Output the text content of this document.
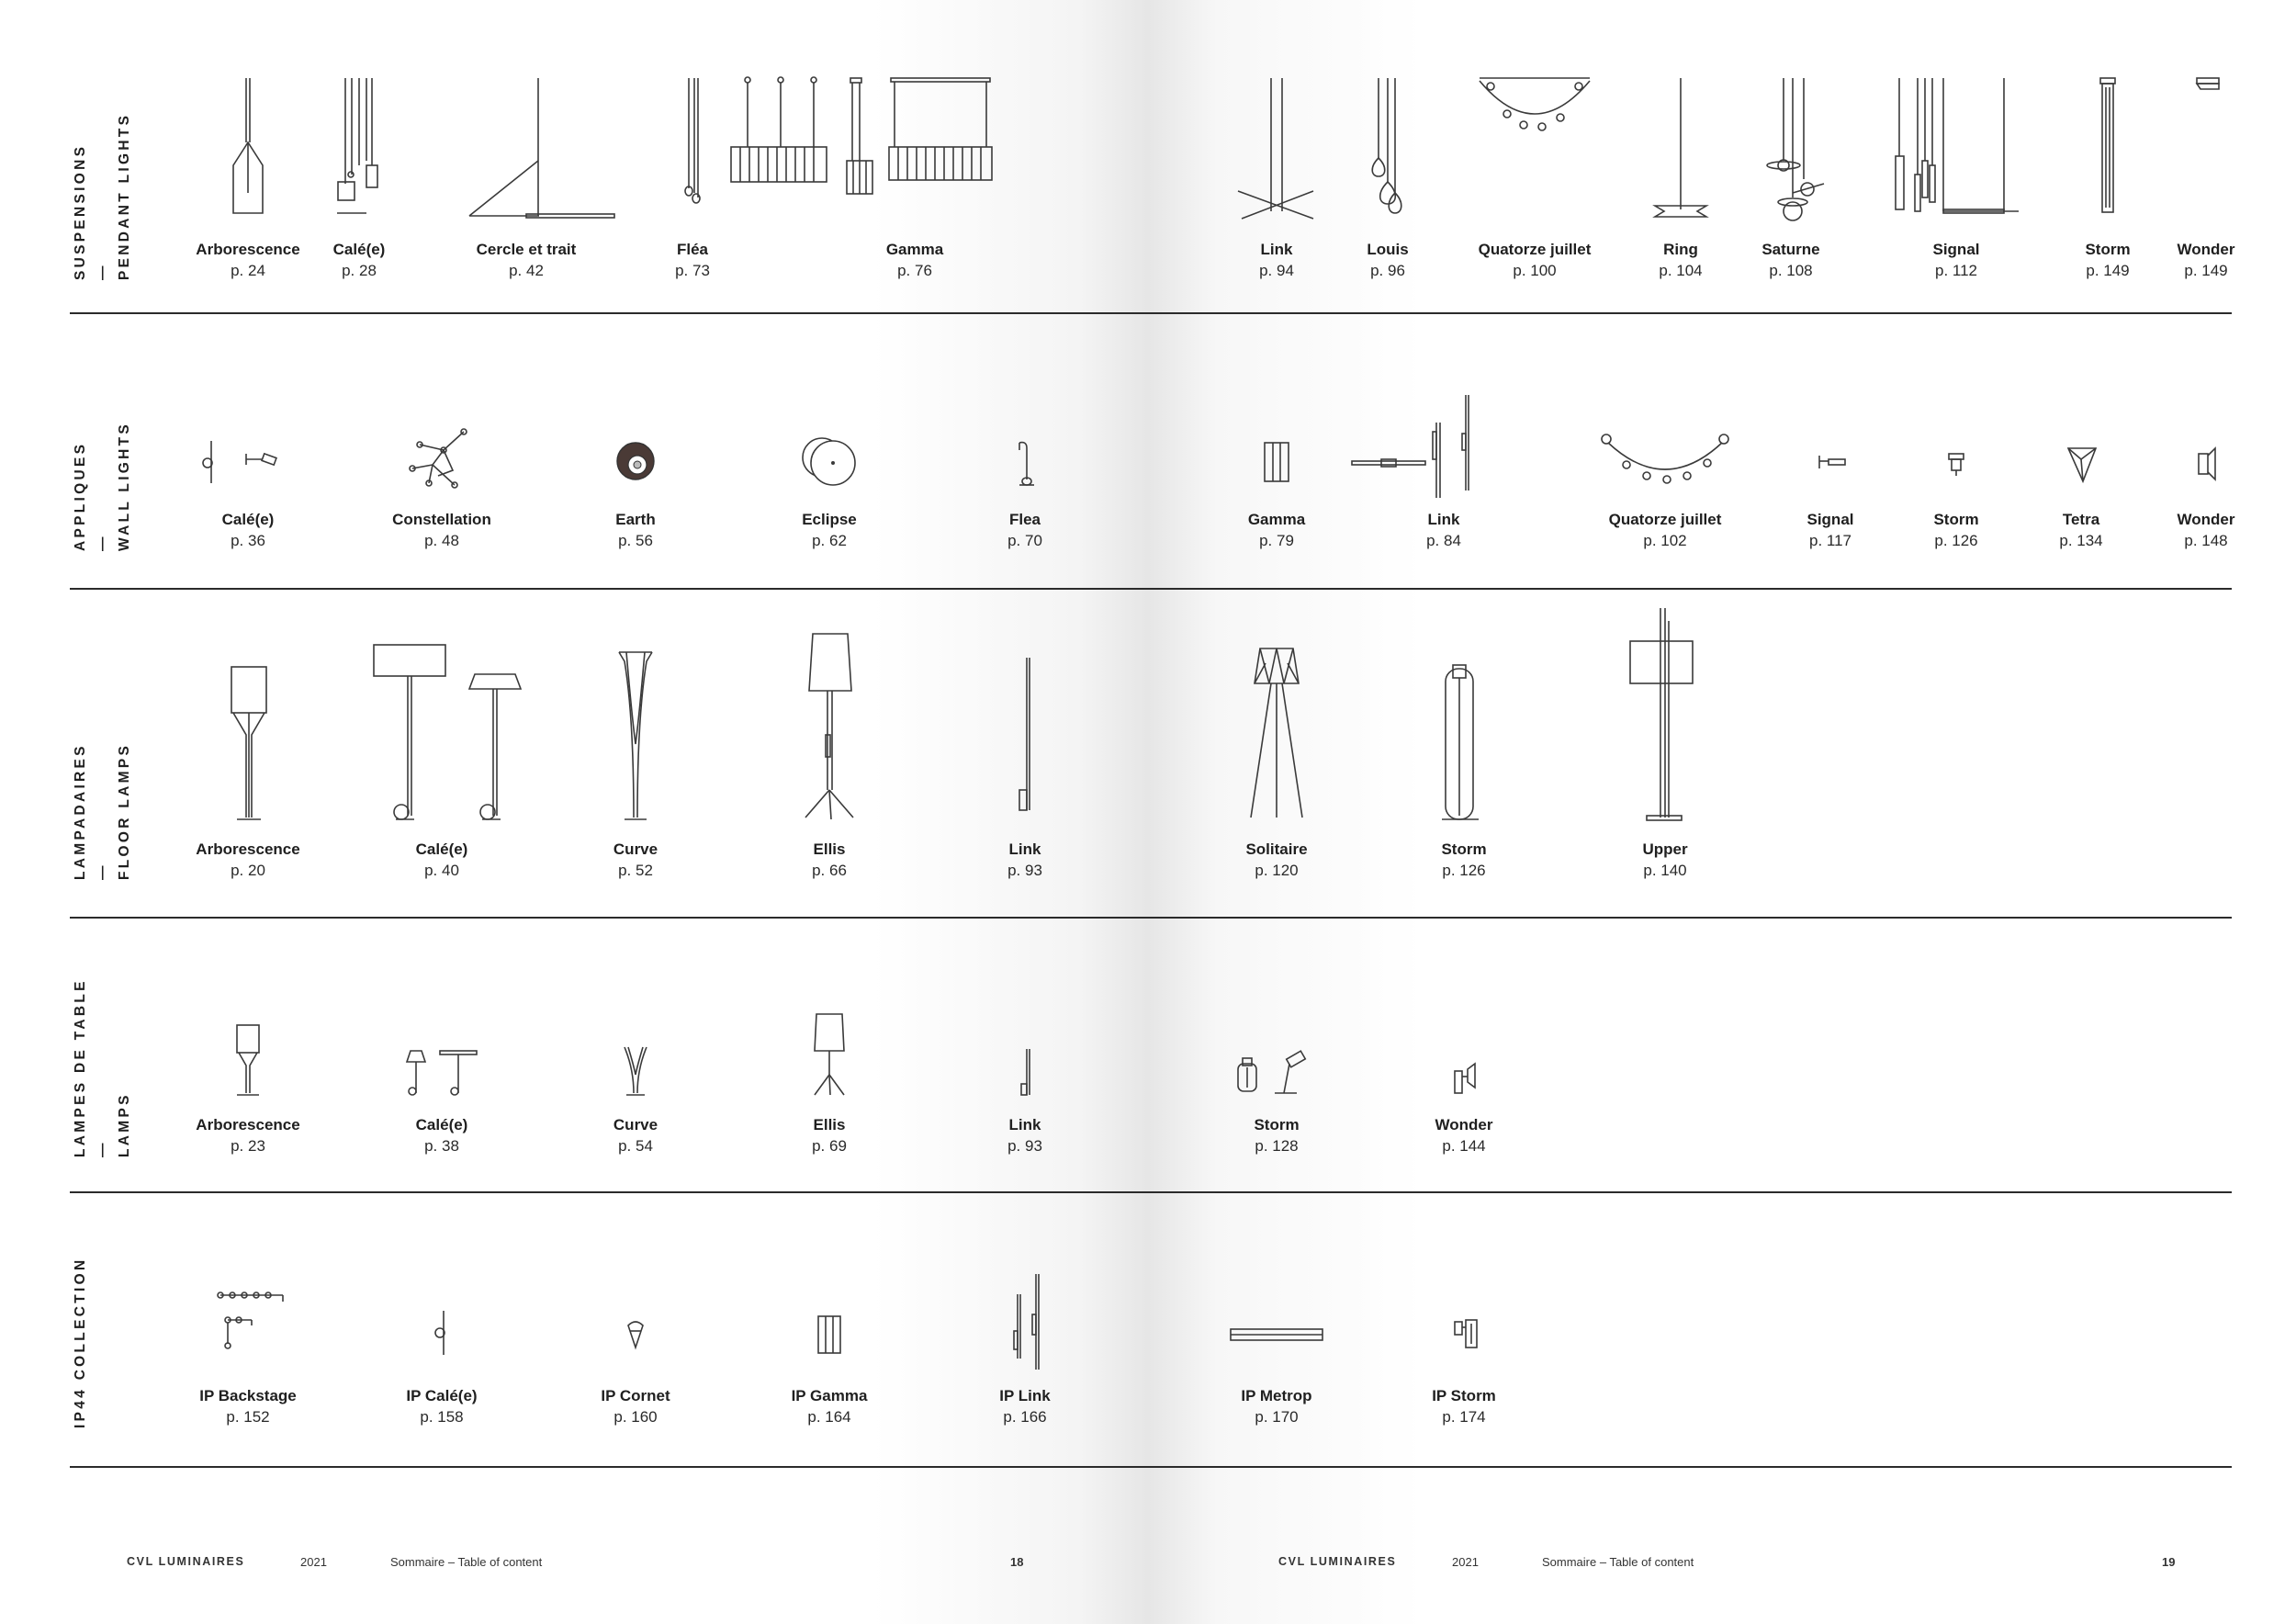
SUSPENSIONS — PENDANT LIGHTS	Arborescence
p. 24
Calé(e)
p. 28
Cercle et trait
p. 42
Fléa
p. 73
Gamma
p. 76
Link
p. 94
Louis
p. 96
Quatorze juillet
p. 100
Ring
p. 104
Saturne
p. 108
Signal
p. 112
Storm
p. 149
Wonder
p. 149
APPLIQUES — WALL LIGHTS	Calé(e)
p. 36
Constellation
p. 48
Earth
p. 56
Eclipse
p. 62
Flea
p. 70
Gamma
p. 79
Link
p. 84
Quatorze juillet
p. 102
Signal
p. 117
Storm
p. 126
Tetra
p. 134
Wonder
p. 148
LAMPADAIRES — FLOOR LAMPS	Arborescence
p. 20
Calé(e)
p. 40
Curve
p. 52
Ellis
p. 66
Link
p. 93
Solitaire
p. 120
Storm
p. 126
Upper
p. 140
LAMPES DE TABLE — LAMPS	Arborescence
p. 23
Calé(e)
p. 38
Curve
p. 54
Ellis
p. 69
Link
p. 93
Storm
p. 128
Wonder
p. 144
IP44 COLLECTION	IP Backstage
p. 152
IP Calé(e)
p. 158
IP Cornet
p. 160
IP Gamma
p. 164
IP Link
p. 166
IP Metrop
p. 170
IP Storm
p. 174
CVL LUMINAIRES	2021	Sommaire – Table of content	18	CVL LUMINAIRES	2021	Sommaire – Table of content	19
